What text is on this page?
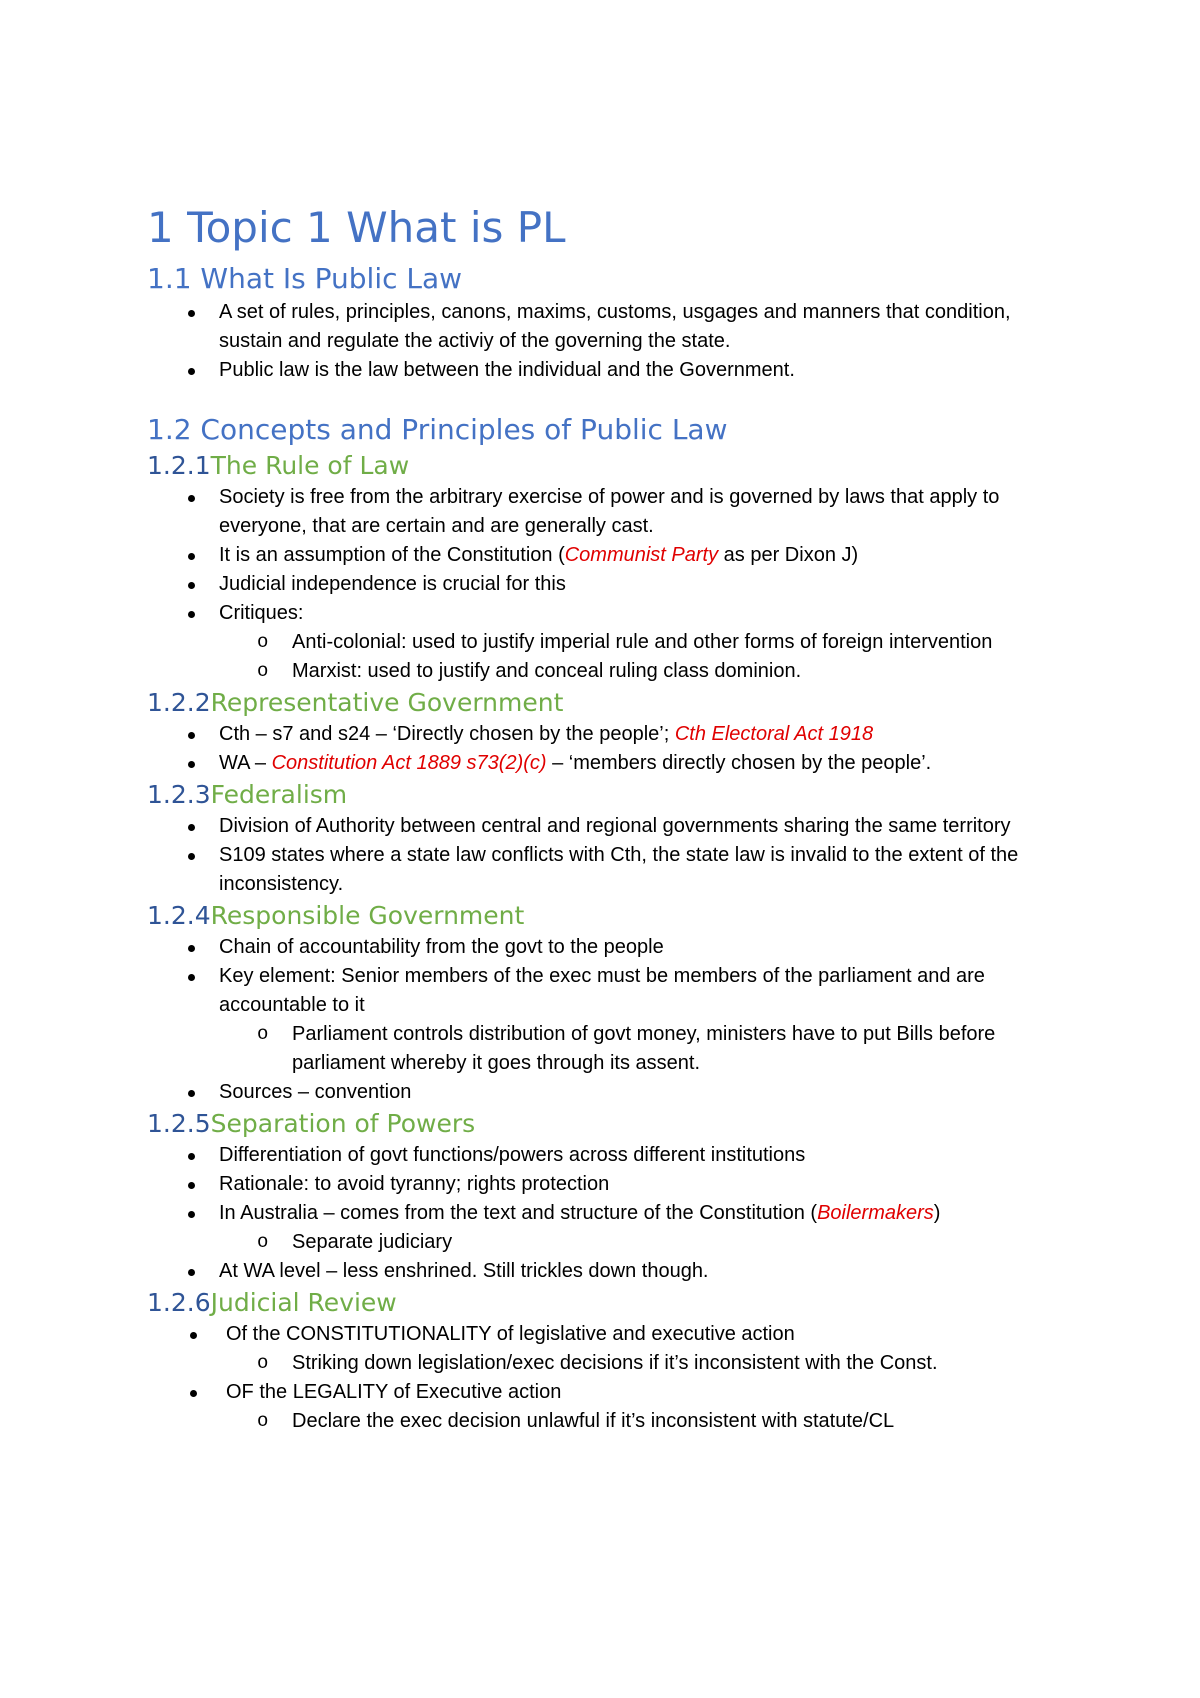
1 Topic 1 What is PL
1.1 What Is Public Law
A set of rules, principles, canons, maxims, customs, usgages and manners that condition, sustain and regulate the activiy of the governing the state.
Public law is the law between the individual and the Government.
1.2 Concepts and Principles of Public Law
1.2.1The Rule of Law
Society is free from the arbitrary exercise of power and is governed by laws that apply to everyone, that are certain and are generally cast.
It is an assumption of the Constitution (Communist Party as per Dixon J)
Judicial independence is crucial for this
Critiques:
o Anti-colonial: used to justify imperial rule and other forms of foreign intervention
o Marxist: used to justify and conceal ruling class dominion.
1.2.2Representative Government
Cth – s7 and s24 – ‘Directly chosen by the people’; Cth Electoral Act 1918
WA – Constitution Act 1889 s73(2)(c) – ‘members directly chosen by the people’.
1.2.3Federalism
Division of Authority between central and regional governments sharing the same territory
S109 states where a state law conflicts with Cth, the state law is invalid to the extent of the inconsistency.
1.2.4Responsible Government
Chain of accountability from the govt to the people
Key element: Senior members of the exec must be members of the parliament and are accountable to it
o Parliament controls distribution of govt money, ministers have to put Bills before parliament whereby it goes through its assent.
Sources – convention
1.2.5Separation of Powers
Differentiation of govt functions/powers across different institutions
Rationale: to avoid tyranny; rights protection
In Australia – comes from the text and structure of the Constitution (Boilermakers)
o Separate judiciary
At WA level – less enshrined. Still trickles down though.
1.2.6Judicial Review
Of the CONSTITUTIONALITY of legislative and executive action
o Striking down legislation/exec decisions if it’s inconsistent with the Const.
OF the LEGALITY of Executive action
o Declare the exec decision unlawful if it’s inconsistent with statute/CL
